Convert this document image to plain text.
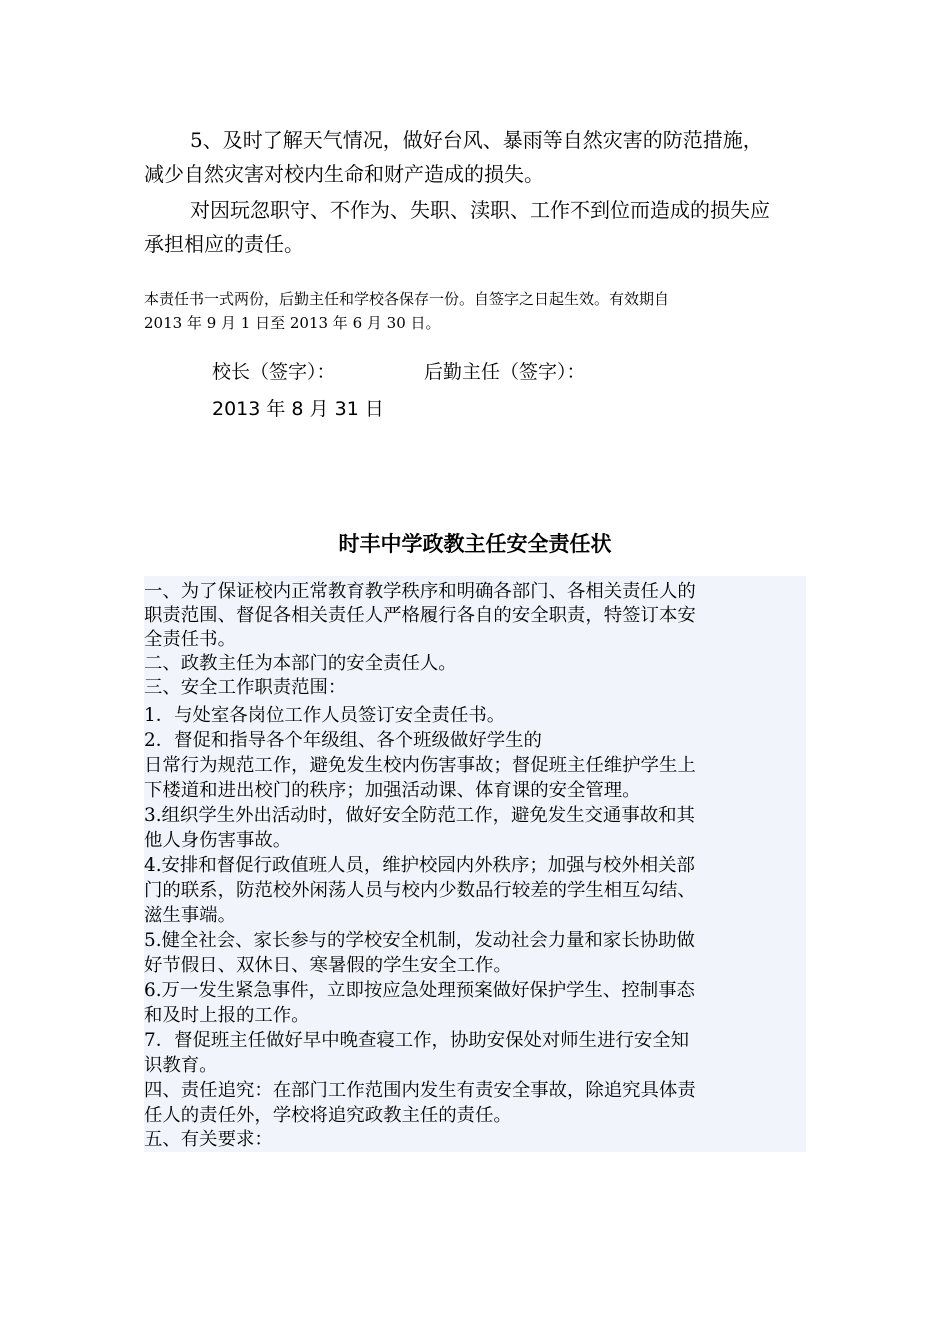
5、及时了解天气情况，做好台风、暴雨等自然灾害的防范措施，
减少自然灾害对校内生命和财产造成的损失。
对因玩忽职守、不作为、失职、渎职、工作不到位而造成的损失应
承担相应的责任。
本责任书一式两份，后勤主任和学校各保存一份。自签字之日起生效。有效期自
2013 年 9 月 1 日至 2013 年 6 月 30 日。
校长（签字）：	后勤主任（签字）：
2013 年 8 月 31 日
时丰中学政教主任安全责任状
一、为了保证校内正常教育教学秩序和明确各部门、各相关责任人的
职责范围、督促各相关责任人严格履行各自的安全职责，特签订本安
全责任书。
二、政教主任为本部门的安全责任人。
三、安全工作职责范围：
1．与处室各岗位工作人员签订安全责任书。
2．督促和指导各个年级组、各个班级做好学生的
日常行为规范工作，避免发生校内伤害事故；督促班主任维护学生上
下楼道和进出校门的秩序；加强活动课、体育课的安全管理。
3.组织学生外出活动时，做好安全防范工作，避免发生交通事故和其
他人身伤害事故。
4.安排和督促行政值班人员，维护校园内外秩序；加强与校外相关部
门的联系，防范校外闲荡人员与校内少数品行较差的学生相互勾结、
滋生事端。
5.健全社会、家长参与的学校安全机制，发动社会力量和家长协助做
好节假日、双休日、寒暑假的学生安全工作。
6.万一发生紧急事件，立即按应急处理预案做好保护学生、控制事态
和及时上报的工作。
7．督促班主任做好早中晚查寝工作，协助安保处对师生进行安全知
识教育。
四、责任追究：在部门工作范围内发生有责安全事故，除追究具体责
任人的责任外，学校将追究政教主任的责任。
五、有关要求：
